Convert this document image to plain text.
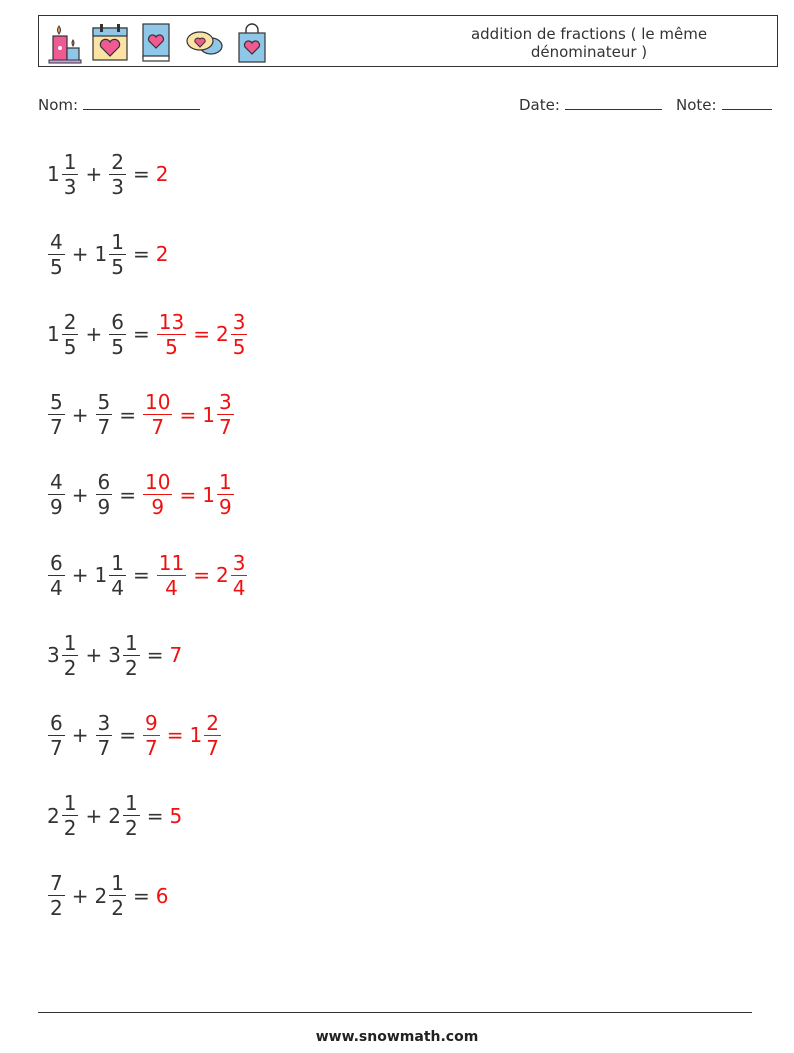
addition de fractions ( le même dénominateur )
Nom:	Date:	Note:
$1 \frac{1}{3} + \frac{2}{3} = 2$
$\frac{4}{5} + 1 \frac{1}{5} = 2$
$1 \frac{2}{5} + \frac{6}{5} = \frac{13}{5} = 2 \frac{3}{5}$
$\frac{5}{7} + \frac{5}{7} = \frac{10}{7} = 1 \frac{3}{7}$
$\frac{4}{9} + \frac{6}{9} = \frac{10}{9} = 1 \frac{1}{9}$
$\frac{6}{4} + 1 \frac{1}{4} = \frac{11}{4} = 2 \frac{3}{4}$
$3 \frac{1}{2} + 3 \frac{1}{2} = 7$
$\frac{6}{7} + \frac{3}{7} = \frac{9}{7} = 1 \frac{2}{7}$
$2 \frac{1}{2} + 2 \frac{1}{2} = 5$
$\frac{7}{2} + 2 \frac{1}{2} = 6$
www.snowmath.com
